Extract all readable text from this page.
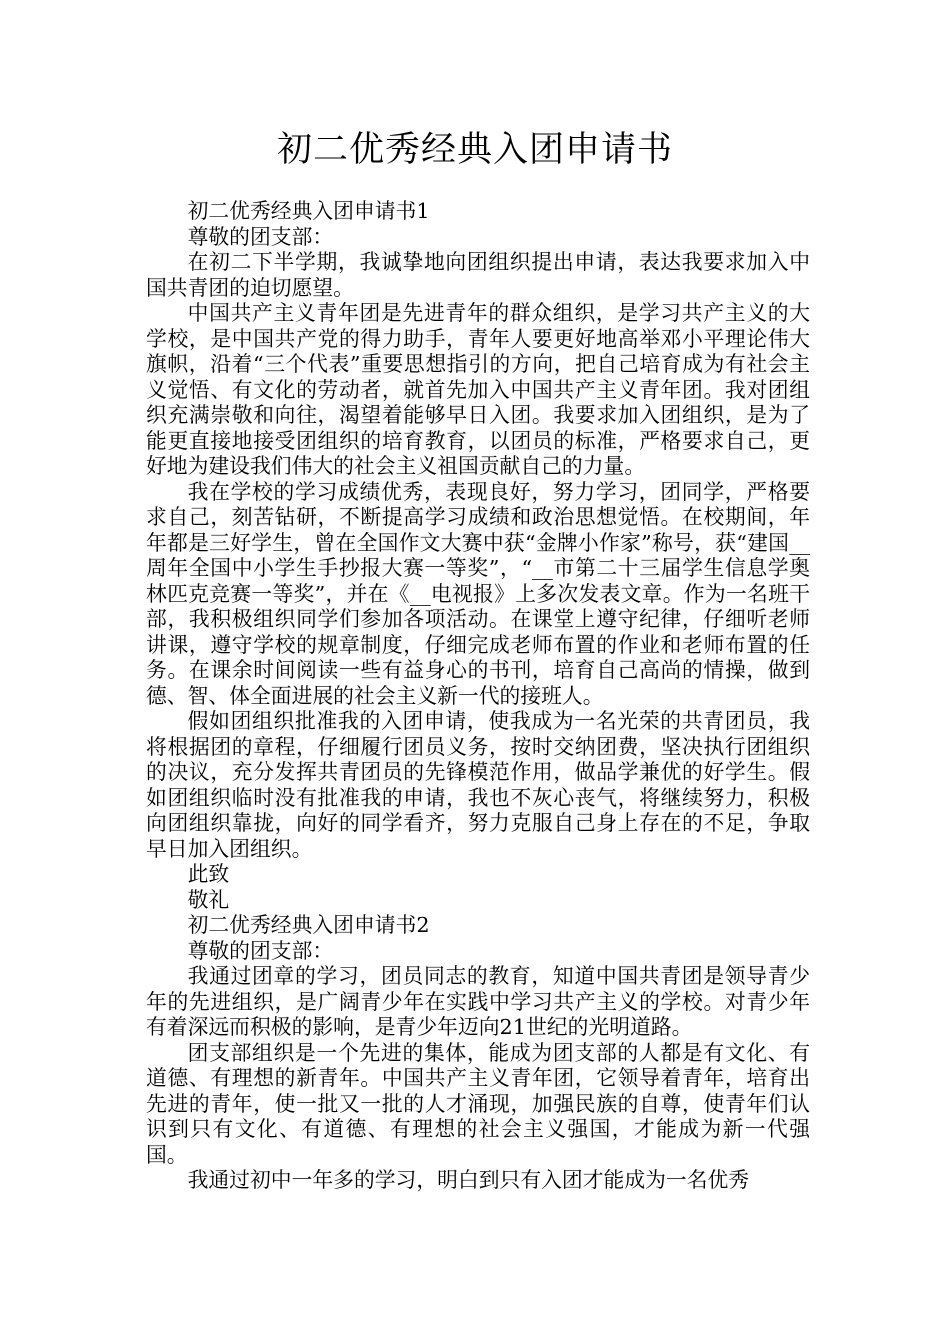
初二优秀经典入团申请书

初二优秀经典入团申请书1

尊敬的团支部：

在初二下半学期，我诚挚地向团组织提出申请，表达我要求加入中国共青团的迫切愿望。

中国共产主义青年团是先进青年的群众组织，是学习共产主义的大学校，是中国共产党的得力助手，青年人要更好地高举邓小平理论伟大旗帜，沿着“三个代表”重要思想指引的方向，把自己培育成为有社会主义觉悟、有文化的劳动者，就首先加入中国共产主义青年团。我对团组织充满崇敬和向往，渴望着能够早日入团。我要求加入团组织，是为了能更直接地接受团组织的培育教育，以团员的标准，严格要求自己，更好地为建设我们伟大的社会主义祖国贡献自己的力量。

我在学校的学习成绩优秀，表现良好，努力学习，团同学，严格要求自己，刻苦钻研，不断提高学习成绩和政治思想觉悟。在校期间，年年都是三好学生，曾在全国作文大赛中获“金牌小作家”称号，获“建国__周年全国中小学生手抄报大赛一等奖”，“__市第二十三届学生信息学奥林匹克竞赛一等奖”，并在《__电视报》上多次发表文章。作为一名班干部，我积极组织同学们参加各项活动。在课堂上遵守纪律，仔细听老师讲课，遵守学校的规章制度，仔细完成老师布置的作业和老师布置的任务。在课余时间阅读一些有益身心的书刊，培育自己高尚的情操，做到德、智、体全面进展的社会主义新一代的接班人。

假如团组织批准我的入团申请，使我成为一名光荣的共青团员，我将根据团的章程，仔细履行团员义务，按时交纳团费，坚决执行团组织的决议，充分发挥共青团员的先锋模范作用，做品学兼优的好学生。假如团组织临时没有批准我的申请，我也不灰心丧气，将继续努力，积极向团组织靠拢，向好的同学看齐，努力克服自己身上存在的不足，争取早日加入团组织。

此致

敬礼

初二优秀经典入团申请书2

尊敬的团支部：

我通过团章的学习，团员同志的教育，知道中国共青团是领导青少年的先进组织，是广阔青少年在实践中学习共产主义的学校。对青少年有着深远而积极的影响，是青少年迈向21世纪的光明道路。

团支部组织是一个先进的集体，能成为团支部的人都是有文化、有道德、有理想的新青年。中国共产主义青年团，它领导着青年，培育出先进的青年，使一批又一批的人才涌现，加强民族的自尊，使青年们认识到只有文化、有道德、有理想的社会主义强国，才能成为新一代强国。

我通过初中一年多的学习，明白到只有入团才能成为一名优秀
